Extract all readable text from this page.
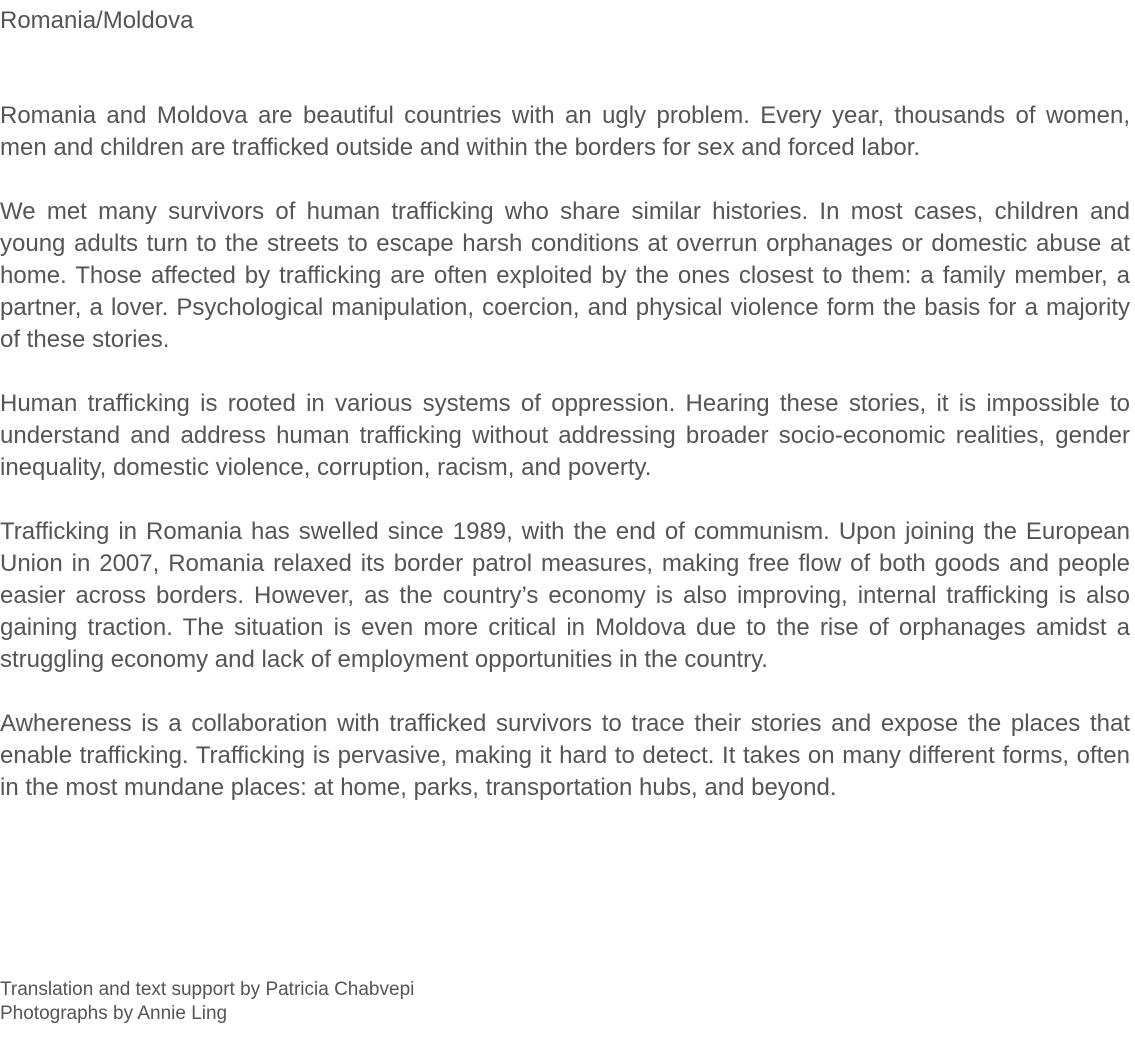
Romania/Moldova

Romania and Moldova are beautiful countries with an ugly problem. Every year, thousands of women, men and children are trafficked outside and within the borders for sex and forced labor.

We met many survivors of human trafficking who share similar histories. In most cases, children and young adults turn to the streets to escape harsh conditions at overrun orphanages or domestic abuse at home. Those affected by trafficking are often exploited by the ones closest to them: a family member, a partner, a lover. Psychological manipulation, coercion, and physical violence form the basis for a majority of these stories.

Human trafficking is rooted in various systems of oppression. Hearing these stories, it is impossible to understand and address human trafficking without addressing broader socio-economic realities, gender inequality, domestic violence, corruption, racism, and poverty.

Trafficking in Romania has swelled since 1989, with the end of communism. Upon joining the European Union in 2007, Romania relaxed its border patrol measures, making free flow of both goods and people easier across borders. However, as the country’s economy is also improving, internal trafficking is also gaining traction. The situation is even more critical in Moldova due to the rise of orphanages amidst a struggling economy and lack of employment opportunities in the country.

Awhereness is a collaboration with trafficked survivors to trace their stories and expose the places that enable trafficking. Trafficking is pervasive, making it hard to detect. It takes on many different forms, often in the most mundane places: at home, parks, transportation hubs, and beyond.

Translation and text support by Patricia Chabvepi
Photographs by Annie Ling
